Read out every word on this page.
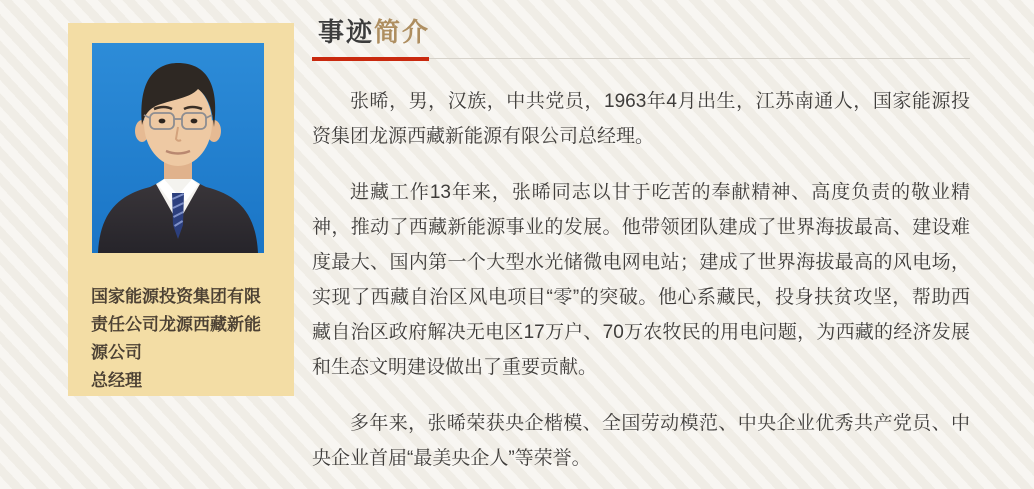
国家能源投资集团有限责任公司龙源西藏新能源公司

总经理

事迹简介

张晞，男，汉族，中共党员，1963年4月出生，江苏南通人，国家能源投资集团龙源西藏新能源有限公司总经理。

进藏工作13年来，张晞同志以甘于吃苦的奉献精神、高度负责的敬业精神，推动了西藏新能源事业的发展。他带领团队建成了世界海拔最高、建设难度最大、国内第一个大型水光储微电网电站；建成了世界海拔最高的风电场，实现了西藏自治区风电项目“零”的突破。他心系藏民，投身扶贫攻坚，帮助西藏自治区政府解决无电区17万户、70万农牧民的用电问题，为西藏的经济发展和生态文明建设做出了重要贡献。

多年来，张晞荣获央企楷模、全国劳动模范、中央企业优秀共产党员、中央企业首届“最美央企人”等荣誉。
